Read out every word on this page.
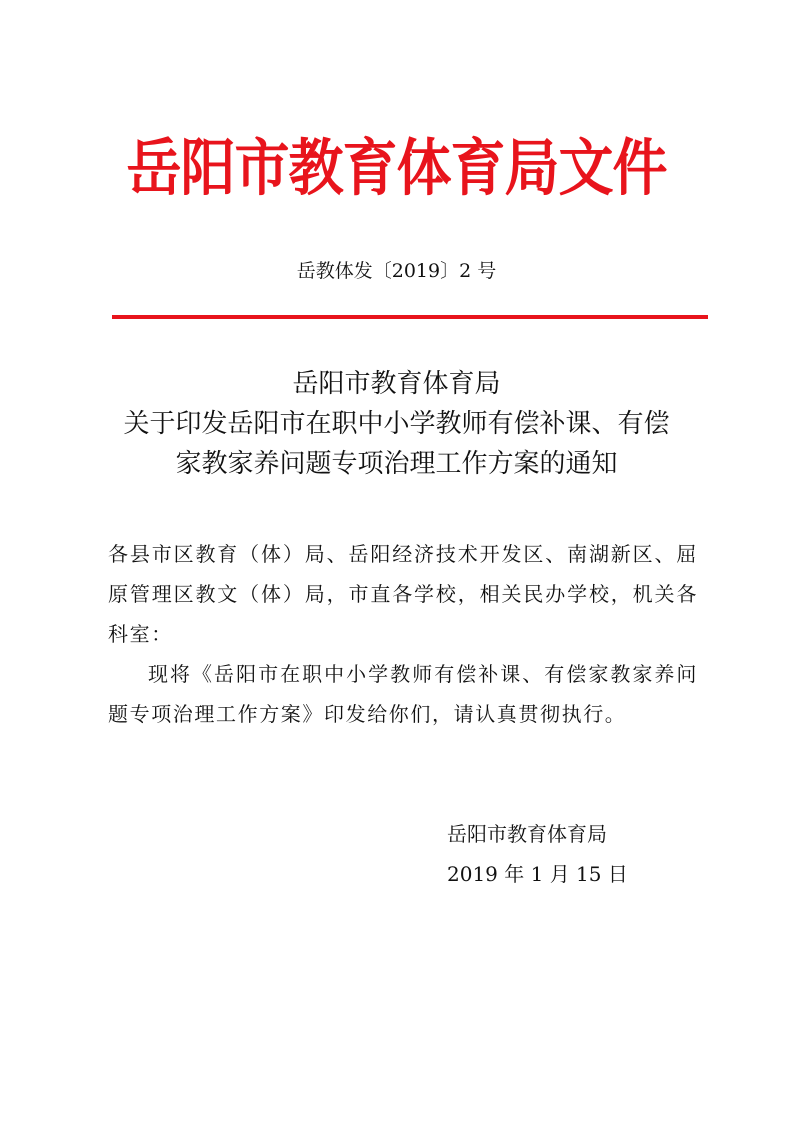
岳阳市教育体育局文件
岳教体发〔2019〕2 号
岳阳市教育体育局
关于印发岳阳市在职中小学教师有偿补课、有偿
家教家养问题专项治理工作方案的通知

各县市区教育（体）局、岳阳经济技术开发区、南湖新区、屈原管理区教文（体）局，市直各学校，相关民办学校，机关各科室：

现将《岳阳市在职中小学教师有偿补课、有偿家教家养问题专项治理工作方案》印发给你们，请认真贯彻执行。

岳阳市教育体育局
2019 年 1 月 15 日
